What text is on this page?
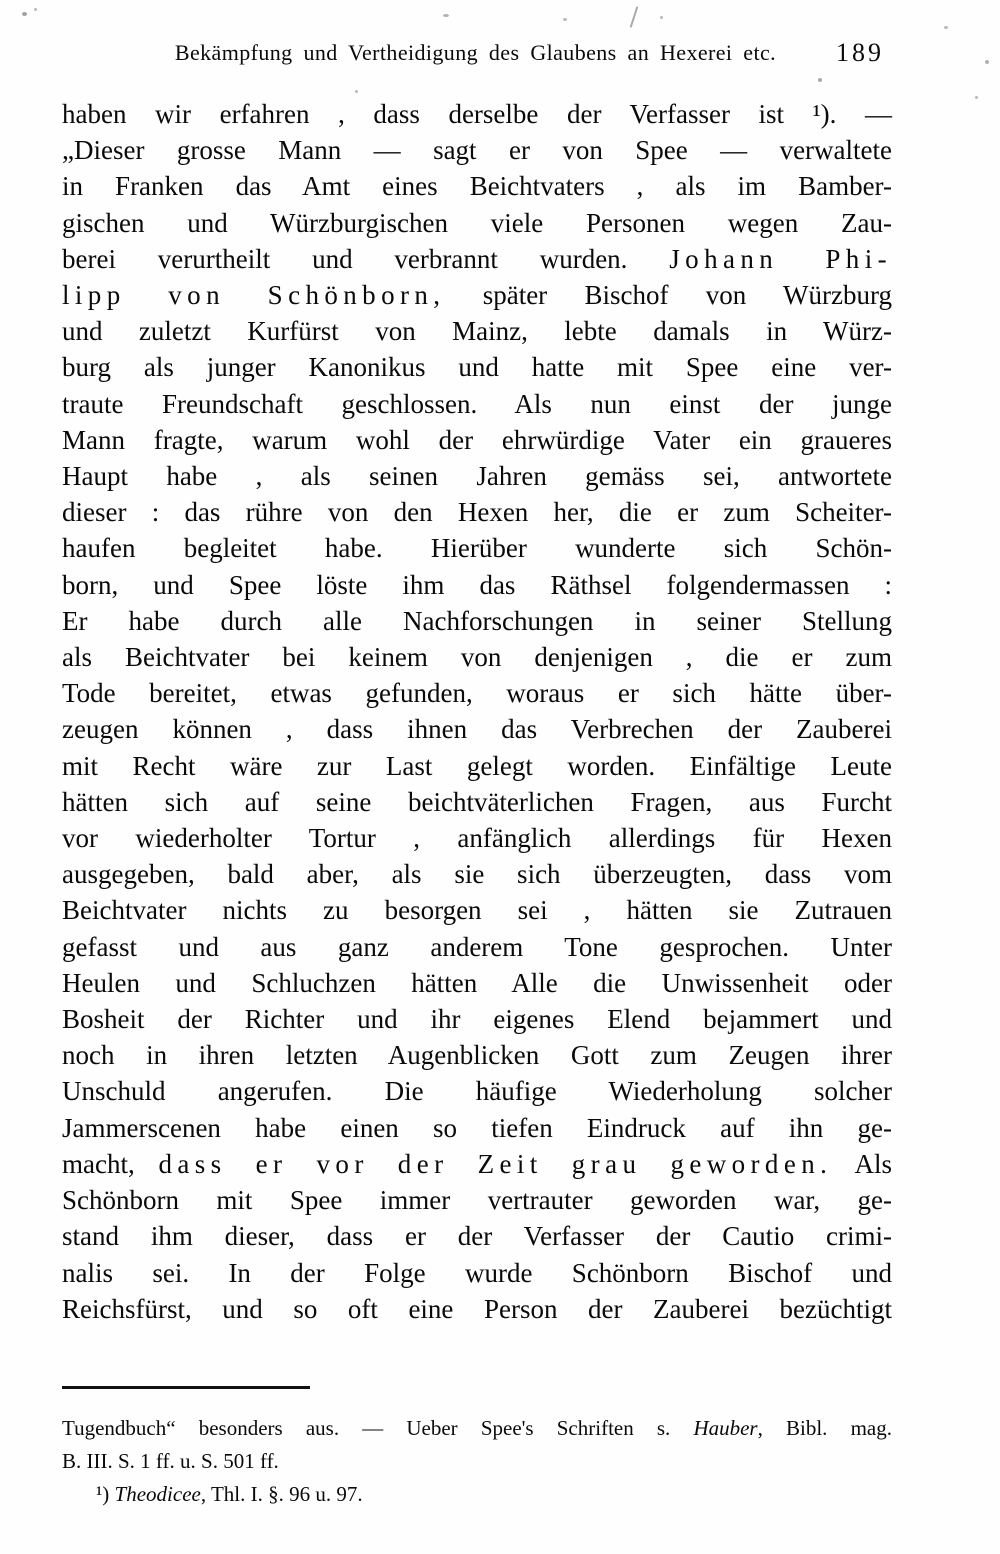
Bekämpfung und Vertheidigung des Glaubens an Hexerei etc.	189
haben wir erfahren , dass derselbe der Verfasser ist ¹). —
„Dieser grosse Mann — sagt er von Spee — verwaltete
in Franken das Amt eines Beichtvaters , als im Bamber-
gischen und Würzburgischen viele Personen wegen Zau-
berei verurtheilt und verbrannt wurden. Johann Phi-
lipp von Schönborn, später Bischof von Würzburg
und zuletzt Kurfürst von Mainz, lebte damals in Würz-
burg als junger Kanonikus und hatte mit Spee eine ver-
traute Freundschaft geschlossen. Als nun einst der junge
Mann fragte, warum wohl der ehrwürdige Vater ein graueres
Haupt habe , als seinen Jahren gemäss sei, antwortete
dieser : das rühre von den Hexen her, die er zum Scheiter-
haufen begleitet habe. Hierüber wunderte sich Schön-
born, und Spee löste ihm das Räthsel folgendermassen :
Er habe durch alle Nachforschungen in seiner Stellung
als Beichtvater bei keinem von denjenigen , die er zum
Tode bereitet, etwas gefunden, woraus er sich hätte über-
zeugen können , dass ihnen das Verbrechen der Zauberei
mit Recht wäre zur Last gelegt worden. Einfältige Leute
hätten sich auf seine beichtväterlichen Fragen, aus Furcht
vor wiederholter Tortur , anfänglich allerdings für Hexen
ausgegeben, bald aber, als sie sich überzeugten, dass vom
Beichtvater nichts zu besorgen sei , hätten sie Zutrauen
gefasst und aus ganz anderem Tone gesprochen. Unter
Heulen und Schluchzen hätten Alle die Unwissenheit oder
Bosheit der Richter und ihr eigenes Elend bejammert und
noch in ihren letzten Augenblicken Gott zum Zeugen ihrer
Unschuld angerufen. Die häufige Wiederholung solcher
Jammerscenen habe einen so tiefen Eindruck auf ihn ge-
macht, dass er vor der Zeit grau geworden. Als
Schönborn mit Spee immer vertrauter geworden war, ge-
stand ihm dieser, dass er der Verfasser der Cautio crimi-
nalis sei. In der Folge wurde Schönborn Bischof und
Reichsfürst, und so oft eine Person der Zauberei bezüchtigt
Tugendbuch“ besonders aus. — Ueber Spee's Schriften s. Hauber, Bibl. mag.
B. III. S. 1 ff. u. S. 501 ff.
¹) Theodicee, Thl. I. §. 96 u. 97.
